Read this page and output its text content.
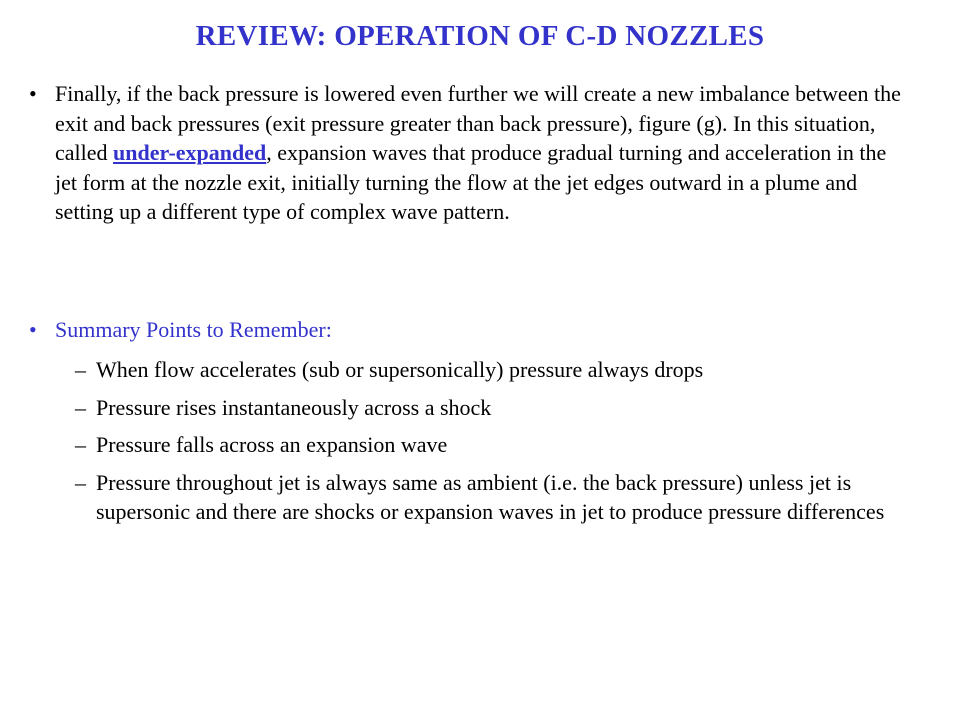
REVIEW: OPERATION OF C-D NOZZLES
• Finally, if the back pressure is lowered even further we will create a new imbalance between the exit and back pressures (exit pressure greater than back pressure), figure (g). In this situation, called under-expanded, expansion waves that produce gradual turning and acceleration in the jet form at the nozzle exit, initially turning the flow at the jet edges outward in a plume and setting up a different type of complex wave pattern.
• Summary Points to Remember:
– When flow accelerates (sub or supersonically) pressure always drops
– Pressure rises instantaneously across a shock
– Pressure falls across an expansion wave
– Pressure throughout jet is always same as ambient (i.e. the back pressure) unless jet is supersonic and there are shocks or expansion waves in jet to produce pressure differences
